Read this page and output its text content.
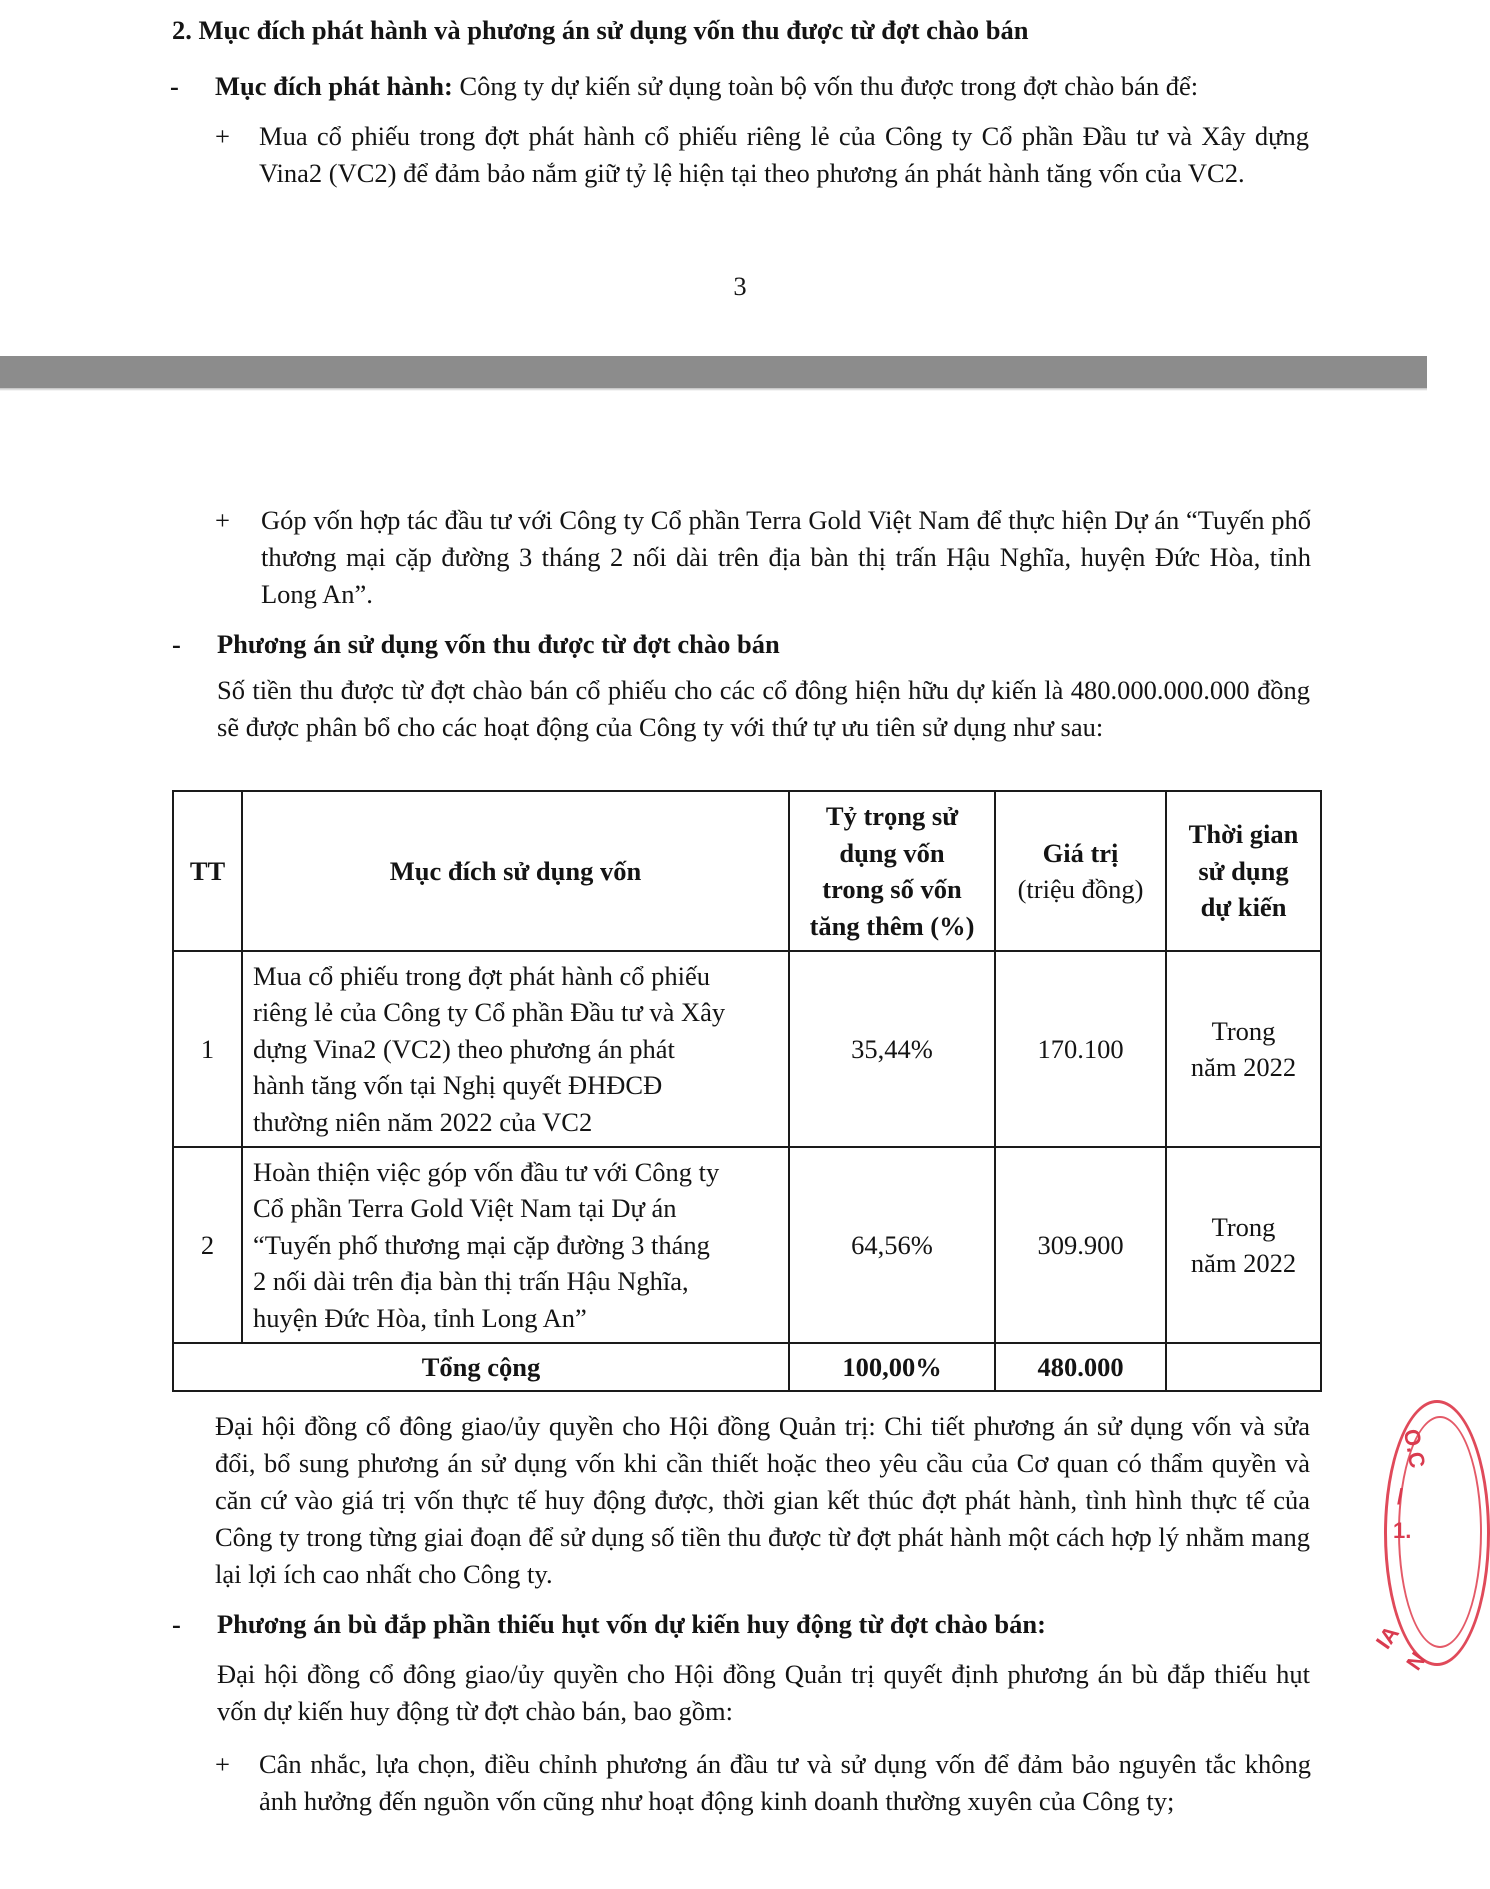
2. Mục đích phát hành và phương án sử dụng vốn thu được từ đợt chào bán
- Mục đích phát hành: Công ty dự kiến sử dụng toàn bộ vốn thu được trong đợt chào bán để:
+ Mua cổ phiếu trong đợt phát hành cổ phiếu riêng lẻ của Công ty Cổ phần Đầu tư và Xây dựng Vina2 (VC2) để đảm bảo nắm giữ tỷ lệ hiện tại theo phương án phát hành tăng vốn của VC2.
3
+ Góp vốn hợp tác đầu tư với Công ty Cổ phần Terra Gold Việt Nam để thực hiện Dự án “Tuyến phố thương mại cặp đường 3 tháng 2 nối dài trên địa bàn thị trấn Hậu Nghĩa, huyện Đức Hòa, tỉnh Long An”.
- Phương án sử dụng vốn thu được từ đợt chào bán
Số tiền thu được từ đợt chào bán cổ phiếu cho các cổ đông hiện hữu dự kiến là 480.000.000.000 đồng sẽ được phân bổ cho các hoạt động của Công ty với thứ tự ưu tiên sử dụng như sau:
TT	Mục đích sử dụng vốn	Tỷ trọng sử
dụng vốn
trong số vốn
tăng thêm (%)	Giá trị
(triệu đồng)	Thời gian
sử dụng
dự kiến

1	Mua cổ phiếu trong đợt phát hành cổ phiếu
riêng lẻ của Công ty Cổ phần Đầu tư và Xây
dựng Vina2 (VC2) theo phương án phát
hành tăng vốn tại Nghị quyết ĐHĐCĐ
thường niên năm 2022 của VC2	35,44%	170.100	Trong
năm 2022

2	Hoàn thiện việc góp vốn đầu tư với Công ty
Cổ phần Terra Gold Việt Nam tại Dự án
“Tuyến phố thương mại cặp đường 3 tháng
2 nối dài trên địa bàn thị trấn Hậu Nghĩa,
huyện Đức Hòa, tỉnh Long An”	64,56%	309.900	Trong
năm 2022

Tổng cộng		100,00%	480.000	
Đại hội đồng cổ đông giao/ủy quyền cho Hội đồng Quản trị: Chi tiết phương án sử dụng vốn và sửa đổi, bổ sung phương án sử dụng vốn khi cần thiết hoặc theo yêu cầu của Cơ quan có thẩm quyền và căn cứ vào giá trị vốn thực tế huy động được, thời gian kết thúc đợt phát hành, tình hình thực tế của Công ty trong từng giai đoạn để sử dụng số tiền thu được từ đợt phát hành một cách hợp lý nhằm mang lại lợi ích cao nhất cho Công ty.
- Phương án bù đắp phần thiếu hụt vốn dự kiến huy động từ đợt chào bán:
Đại hội đồng cổ đông giao/ủy quyền cho Hội đồng Quản trị quyết định phương án bù đắp thiếu hụt vốn dự kiến huy động từ đợt chào bán, bao gồm:
+ Cân nhắc, lựa chọn, điều chỉnh phương án đầu tư và sử dụng vốn để đảm bảo nguyên tắc không ảnh hưởng đến nguồn vốn cũng như hoạt động kinh doanh thường xuyên của Công ty;
O.C
/
1.
IA N
